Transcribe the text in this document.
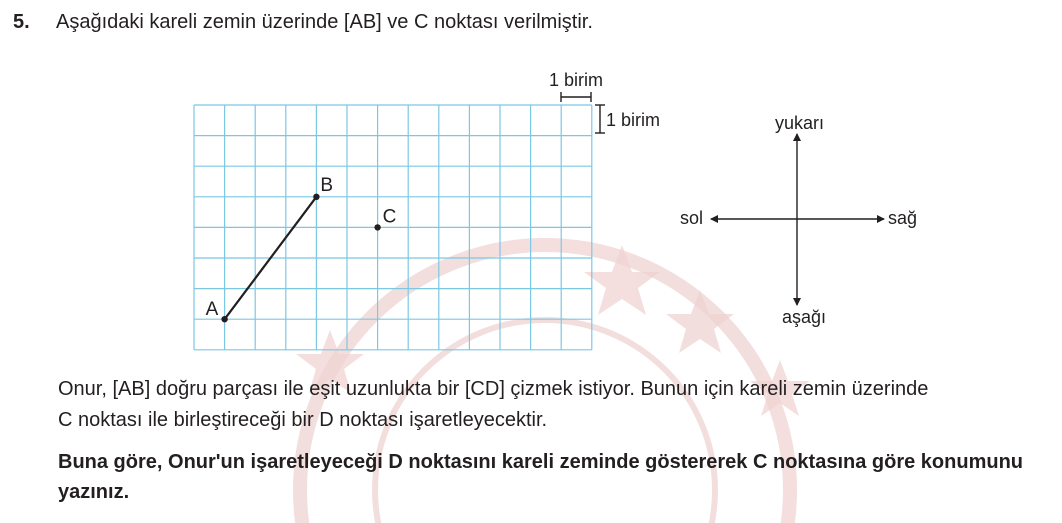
5. Aşağıdaki kareli zemin üzerinde [AB] ve C noktası verilmiştir.
1 birim
1 birim
A
B
C
yukarı
aşağı
sol	sağ
Onur, [AB] doğru parçası ile eşit uzunlukta bir [CD] çizmek istiyor. Bunun için kareli zemin üzerinde
C noktası ile birleştireceği bir D noktası işaretleyecektir.
Buna göre, Onur'un işaretleyeceği D noktasını kareli zeminde göstererek C noktasına göre konumunu
yazınız.
